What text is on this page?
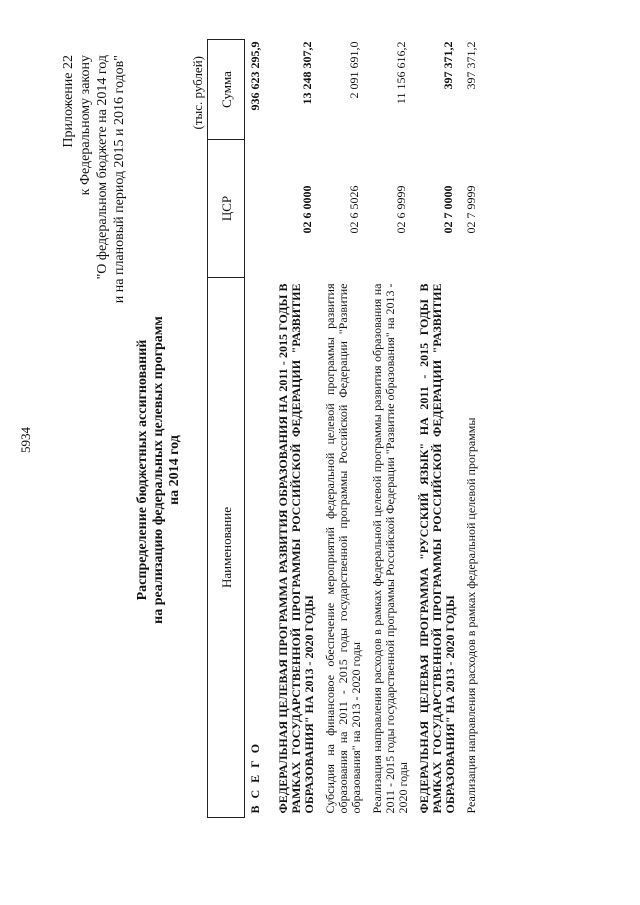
5934
Приложение 22 к Федеральному закону "О федеральном бюджете на 2014 год и на плановый период 2015 и 2016 годов"
Распределение бюджетных ассигнований на реализацию федеральных целевых программ на 2014 год
(тыс. рублей)
Наименование	ЦСР	Сумма
В С Е Г О		936 623 295,9
ФЕДЕРАЛЬНАЯ ЦЕЛЕВАЯ ПРОГРАММА РАЗВИТИЯ ОБРАЗОВАНИЯ НА 2011 - 2015 ГОДЫ В РАМКАХ ГОСУДАРСТВЕННОЙ ПРОГРАММЫ РОССИЙСКОЙ ФЕДЕРАЦИИ "РАЗВИТИЕ ОБРАЗОВАНИЯ" НА 2013 - 2020 ГОДЫ	02 6 0000	13 248 307,2
Субсидия на финансовое обеспечение мероприятий федеральной целевой программы развития образования на 2011 - 2015 годы государственной программы Российской Федерации "Развитие образования" на 2013 - 2020 годы	02 6 5026	2 091 691,0
Реализация направления расходов в рамках федеральной целевой программы развития образования на 2011 - 2015 годы государственной программы Российской Федерации "Развитие образования" на 2013 - 2020 годы	02 6 9999	11 156 616,2
ФЕДЕРАЛЬНАЯ ЦЕЛЕВАЯ ПРОГРАММА "РУССКИЙ ЯЗЫК" НА 2011 - 2015 ГОДЫ В РАМКАХ ГОСУДАРСТВЕННОЙ ПРОГРАММЫ РОССИЙСКОЙ ФЕДЕРАЦИИ "РАЗВИТИЕ ОБРАЗОВАНИЯ" НА 2013 - 2020 ГОДЫ	02 7 0000	397 371,2
Реализация направления расходов в рамках федеральной целевой программы	02 7 9999	397 371,2
